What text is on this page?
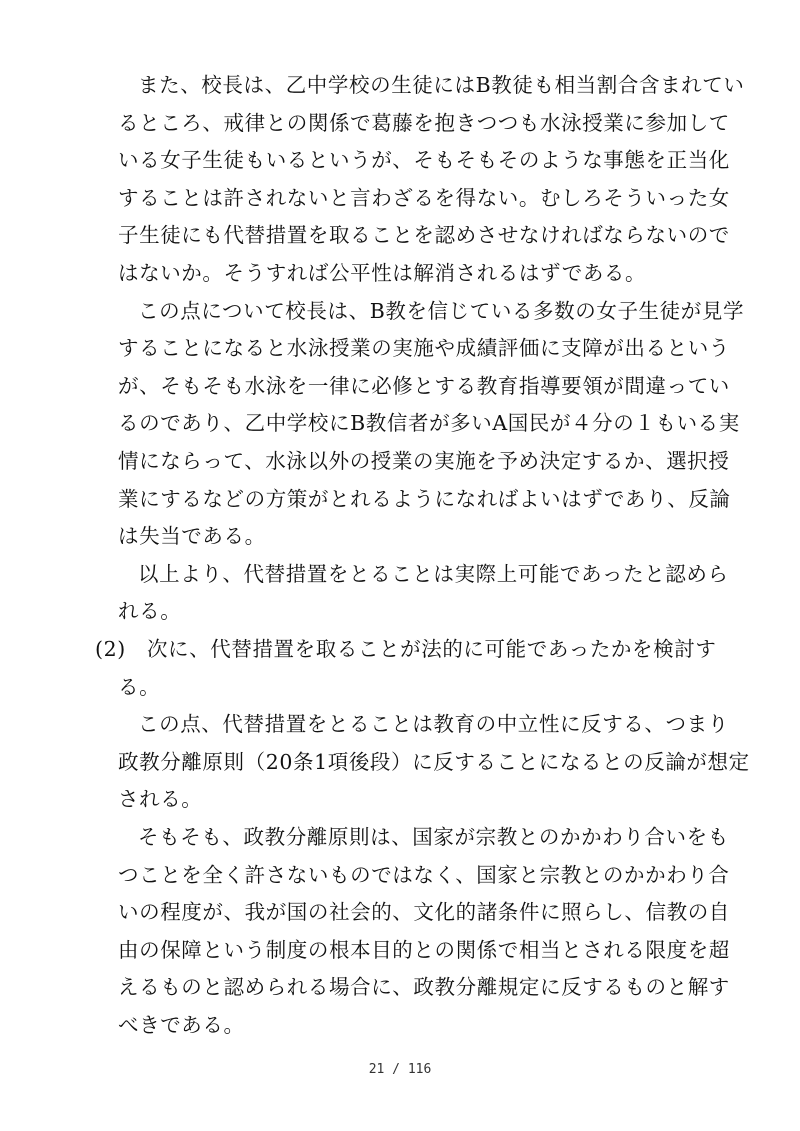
また、校長は、乙中学校の生徒にはB教徒も相当割合含まれてい
るところ、戒律との関係で葛藤を抱きつつも水泳授業に参加して
いる女子生徒もいるというが、そもそもそのような事態を正当化
することは許されないと言わざるを得ない。むしろそういった女
子生徒にも代替措置を取ることを認めさせなければならないので
はないか。そうすれば公平性は解消されるはずである。
この点について校長は、B教を信じている多数の女子生徒が見学
することになると水泳授業の実施や成績評価に支障が出るという
が、そもそも水泳を一律に必修とする教育指導要領が間違ってい
るのであり、乙中学校にB教信者が多いA国民が４分の１もいる実
情にならって、水泳以外の授業の実施を予め決定するか、選択授
業にするなどの方策がとれるようになればよいはずであり、反論
は失当である。
以上より、代替措置をとることは実際上可能であったと認めら
れる。
(2)　次に、代替措置を取ることが法的に可能であったかを検討す
る。
この点、代替措置をとることは教育の中立性に反する、つまり
政教分離原則（20条1項後段）に反することになるとの反論が想定
される。
そもそも、政教分離原則は、国家が宗教とのかかわり合いをも
つことを全く許さないものではなく、国家と宗教とのかかわり合
いの程度が、我が国の社会的、文化的諸条件に照らし、信教の自
由の保障という制度の根本目的との関係で相当とされる限度を超
えるものと認められる場合に、政教分離規定に反するものと解す
べきである。
21 / 116
